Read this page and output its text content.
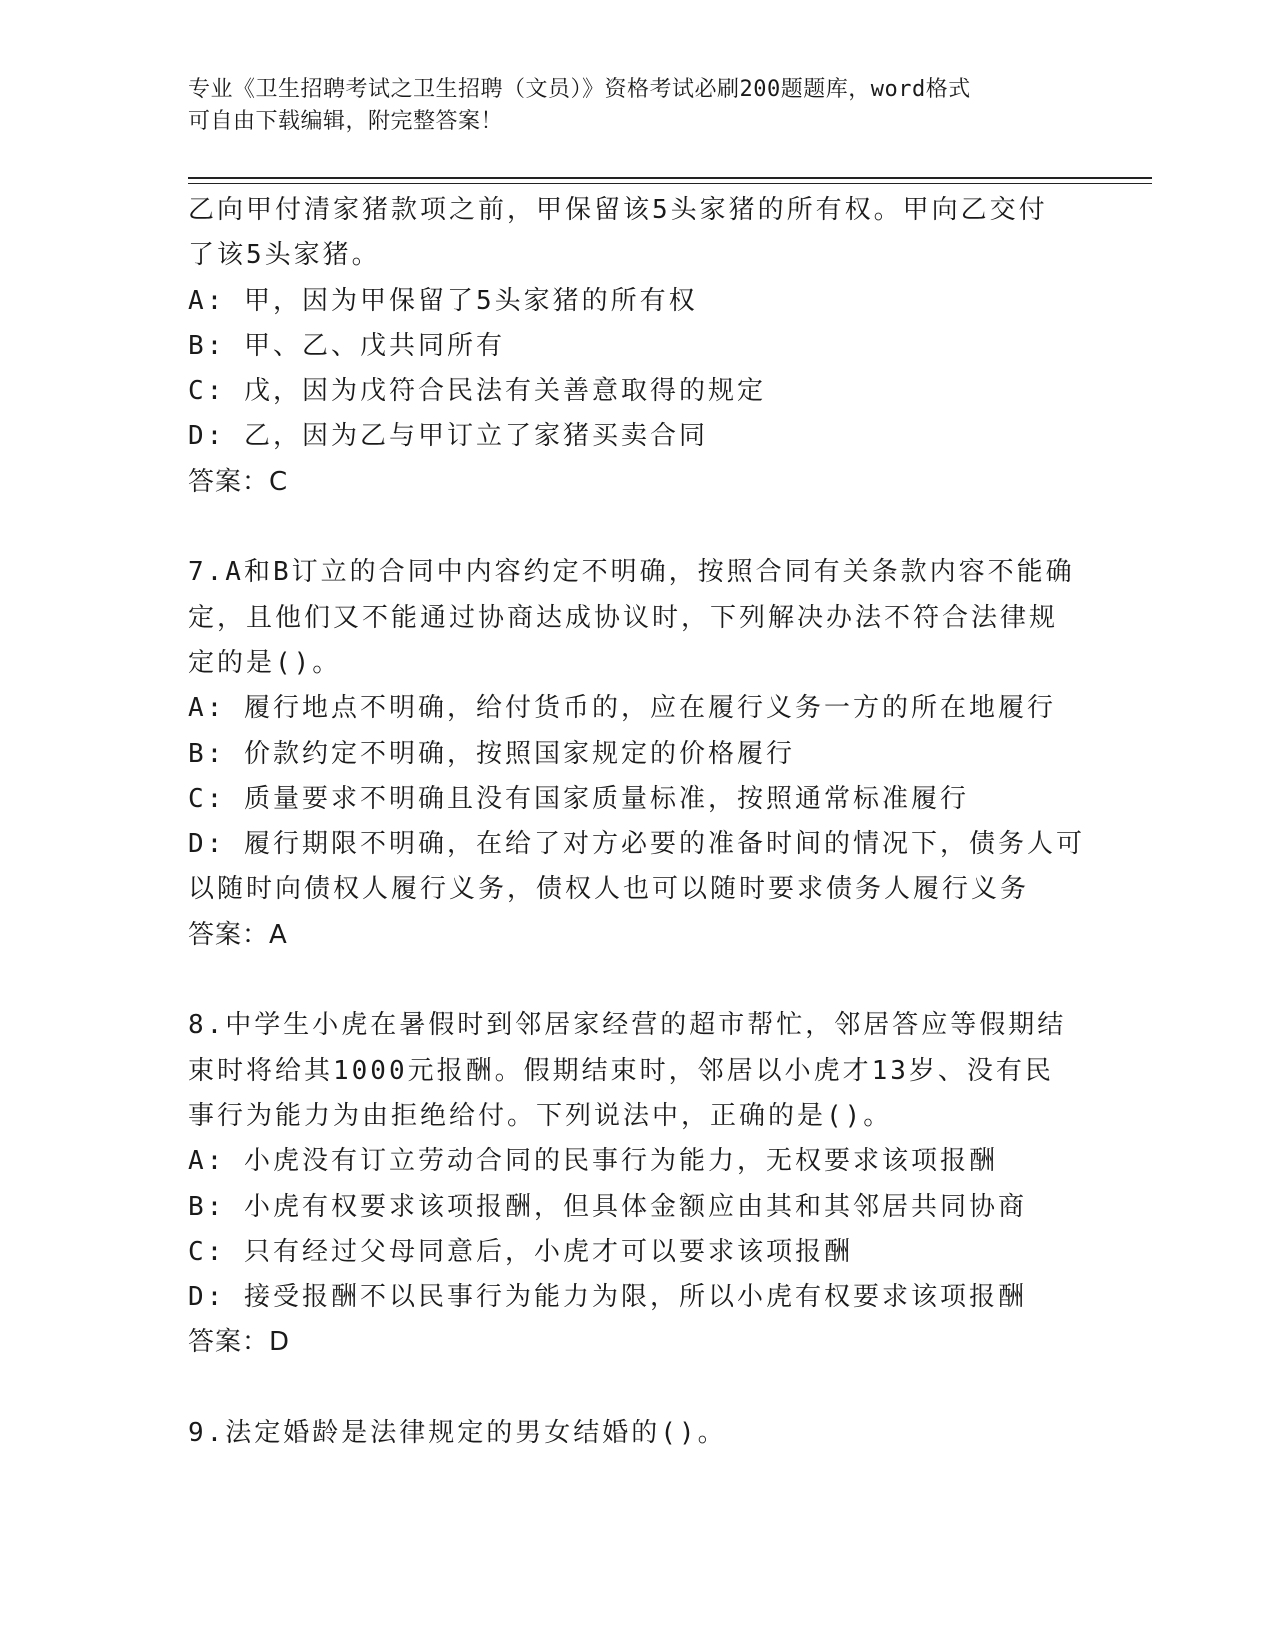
专业《卫生招聘考试之卫生招聘（文员）》资格考试必刷200题题库，word格式
可自由下载编辑，附完整答案！
乙向甲付清家猪款项之前，甲保留该5头家猪的所有权。甲向乙交付
了该5头家猪。
A: 甲，因为甲保留了5头家猪的所有权
B: 甲、乙、戊共同所有
C: 戊，因为戊符合民法有关善意取得的规定
D: 乙，因为乙与甲订立了家猪买卖合同
答案：C
7.A和B订立的合同中内容约定不明确，按照合同有关条款内容不能确
定，且他们又不能通过协商达成协议时，下列解决办法不符合法律规
定的是()。
A: 履行地点不明确，给付货币的，应在履行义务一方的所在地履行
B: 价款约定不明确，按照国家规定的价格履行
C: 质量要求不明确且没有国家质量标准，按照通常标准履行
D: 履行期限不明确，在给了对方必要的准备时间的情况下，债务人可
以随时向债权人履行义务，债权人也可以随时要求债务人履行义务
答案：A
8.中学生小虎在暑假时到邻居家经营的超市帮忙，邻居答应等假期结
束时将给其1000元报酬。假期结束时，邻居以小虎才13岁、没有民
事行为能力为由拒绝给付。下列说法中，正确的是()。
A: 小虎没有订立劳动合同的民事行为能力，无权要求该项报酬
B: 小虎有权要求该项报酬，但具体金额应由其和其邻居共同协商
C: 只有经过父母同意后，小虎才可以要求该项报酬
D: 接受报酬不以民事行为能力为限，所以小虎有权要求该项报酬
答案：D
9.法定婚龄是法律规定的男女结婚的()。
